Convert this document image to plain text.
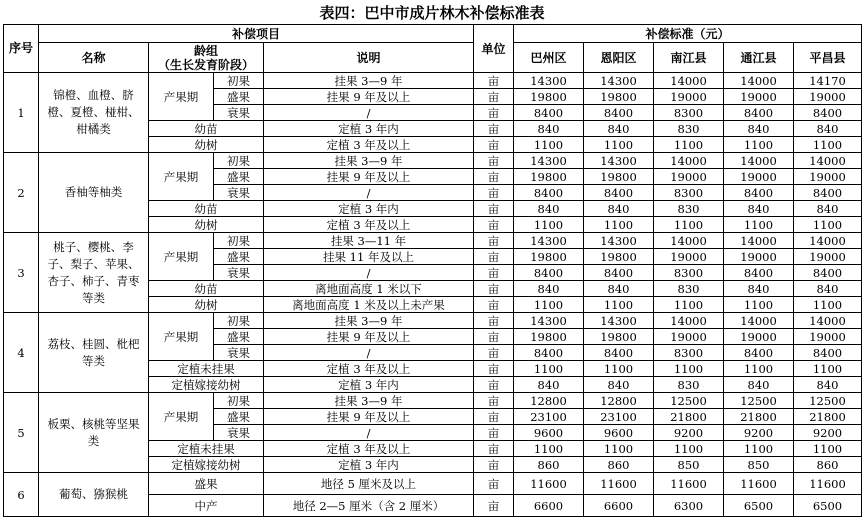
表四：巴中市成片林木补偿标准表
序号	补偿项目				单位	补偿标准（元）				
	名称	龄组
（生长发育阶段）		说明		巴州区	恩阳区	南江县	通江县	平昌县
1	锦橙、血橙、脐橙、夏橙、椪柑、柑橘类	产果期	初果	挂果 3—9 年	亩	14300	14300	14000	14000	14170
			盛果	挂果 9 年及以上	亩	19800	19800	19000	19000	19000
			衰果	/	亩	8400	8400	8300	8400	8400
		幼苗		定植 3 年内	亩	840	840	830	840	840
		幼树		定植 3 年及以上	亩	1100	1100	1100	1100	1100
2	香柚等柚类	产果期	初果	挂果 3—9 年	亩	14300	14300	14000	14000	14000
			盛果	挂果 9 年及以上	亩	19800	19800	19000	19000	19000
			衰果	/	亩	8400	8400	8300	8400	8400
		幼苗		定植 3 年内	亩	840	840	830	840	840
		幼树		定植 3 年及以上	亩	1100	1100	1100	1100	1100
3	桃子、樱桃、李子、梨子、苹果、杏子、柿子、青枣等类	产果期	初果	挂果 3—11 年	亩	14300	14300	14000	14000	14000
			盛果	挂果 11 年及以上	亩	19800	19800	19000	19000	19000
			衰果	/	亩	8400	8400	8300	8400	8400
		幼苗		离地面高度 1 米以下	亩	840	840	830	840	840
		幼树		离地面高度 1 米及以上未产果	亩	1100	1100	1100	1100	1100
4	荔枝、桂圆、枇杷等类	产果期	初果	挂果 3—9 年	亩	14300	14300	14000	14000	14000
			盛果	挂果 9 年及以上	亩	19800	19800	19000	19000	19000
			衰果	/	亩	8400	8400	8300	8400	8400
		定植未挂果		定植 3 年及以上	亩	1100	1100	1100	1100	1100
		定植嫁接幼树		定植 3 年内	亩	840	840	830	840	840
5	板栗、核桃等坚果类	产果期	初果	挂果 3—9 年	亩	12800	12800	12500	12500	12500
			盛果	挂果 9 年及以上	亩	23100	23100	21800	21800	21800
			衰果	/	亩	9600	9600	9200	9200	9200
		定植未挂果		定植 3 年及以上	亩	1100	1100	1100	1100	1100
		定植嫁接幼树		定植 3 年内	亩	860	860	850	850	860
6	葡萄、猕猴桃	盛果		地径 5 厘米及以上	亩	11600	11600	11600	11600	11600
		中产		地径 2—5 厘米（含 2 厘米）	亩	6600	6600	6300	6500	6500
